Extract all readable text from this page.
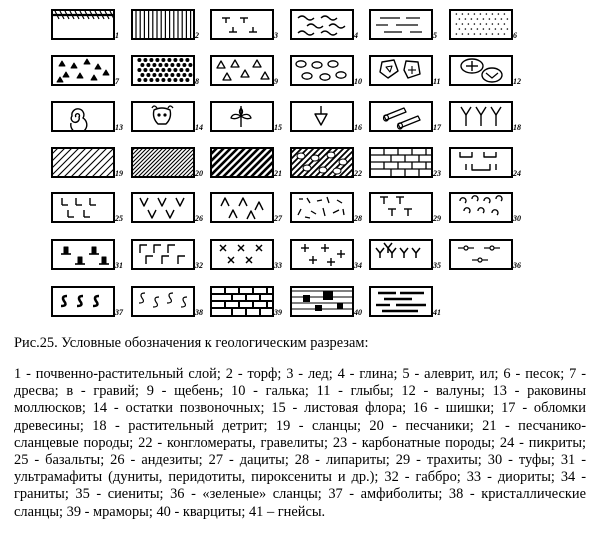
1	2	3	4	5	6
7	8	9	10	11	12
13	14	15	16	17	18
19	20	21	22	23	24
25	26	27	28	29	30
31	32	33	34	35	36
37	38	39	40	41
Рис.25. Условные обозначения к геологическим разрезам:
1 - почвенно-растительный слой; 2 - торф; 3 - лед; 4 - глина; 5 - алеврит, ил; 6 - песок; 7 - дресва; в - гравий; 9 - щебень; 10 - галька; 11 - глыбы; 12 - валуны; 13 - раковины моллюсков; 14 - остатки позвоночных; 15 - листовая флора; 16 - шишки; 17 - обломки древесины; 18 - растительный детрит; 19 - сланцы; 20 - песчаники; 21 - песчанико-сланцевые породы; 22 - конгломераты, гравелиты; 23 - карбонатные породы; 24 - пикриты; 25 - базальты; 26 - андезиты; 27 - дациты; 28 - липариты; 29 - трахиты; 30 - туфы; 31 - ультрамафиты (дуниты, перидотиты, пироксениты и др.); 32 - габбро; 33 - диориты; 34 - граниты; 35 - сиениты; 36 - «зеленые» сланцы; 37 - амфиболиты; 38 - кристаллические сланцы; 39 - мраморы; 40 - кварциты; 41 – гнейсы.
